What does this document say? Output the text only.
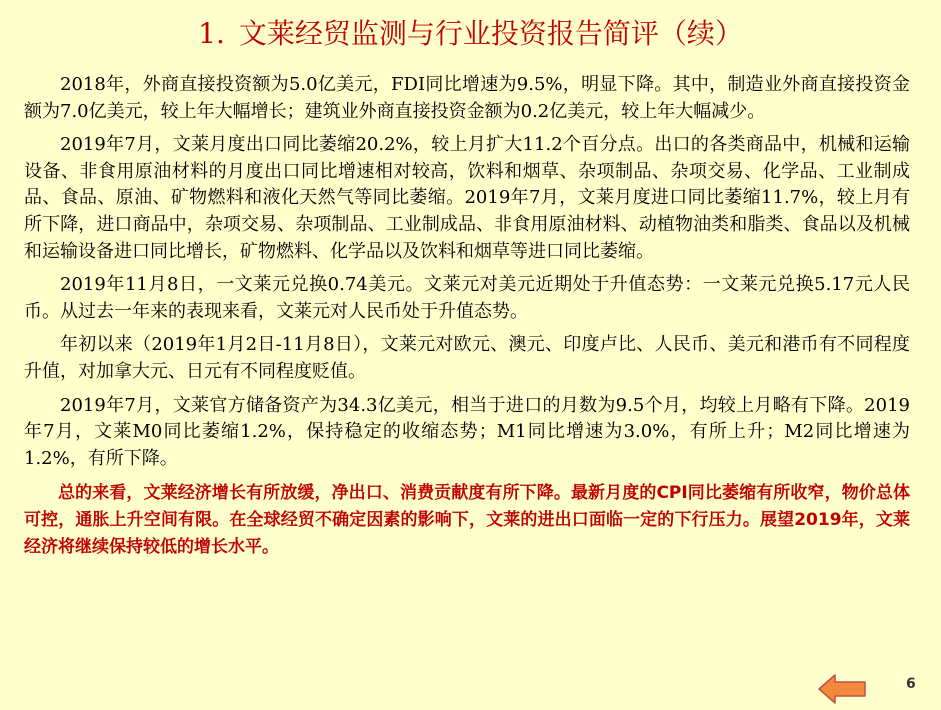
1. 文莱经贸监测与行业投资报告简评（续）

2018年，外商直接投资额为5.0亿美元，FDI同比增速为9.5%，明显下降。其中，制造业外商直接投资金额为7.0亿美元，较上年大幅增长；建筑业外商直接投资金额为0.2亿美元，较上年大幅减少。

2019年7月，文莱月度出口同比萎缩20.2%，较上月扩大11.2个百分点。出口的各类商品中，机械和运输设备、非食用原油材料的月度出口同比增速相对较高，饮料和烟草、杂项制品、杂项交易、化学品、工业制成品、食品、原油、矿物燃料和液化天然气等同比萎缩。2019年7月，文莱月度进口同比萎缩11.7%，较上月有所下降，进口商品中，杂项交易、杂项制品、工业制成品、非食用原油材料、动植物油类和脂类、食品以及机械和运输设备进口同比增长，矿物燃料、化学品以及饮料和烟草等进口同比萎缩。

2019年11月8日，一文莱元兑换0.74美元。文莱元对美元近期处于升值态势：一文莱元兑换5.17元人民币。从过去一年来的表现来看，文莱元对人民币处于升值态势。

年初以来（2019年1月2日-11月8日），文莱元对欧元、澳元、印度卢比、人民币、美元和港币有不同程度升值，对加拿大元、日元有不同程度贬值。

2019年7月，文莱官方储备资产为34.3亿美元，相当于进口的月数为9.5个月，均较上月略有下降。2019年7月，文莱M0同比萎缩1.2%，保持稳定的收缩态势；M1同比增速为3.0%，有所上升；M2同比增速为1.2%，有所下降。

总的来看，文莱经济增长有所放缓，净出口、消费贡献度有所下降。最新月度的CPI同比萎缩有所收窄，物价总体可控，通胀上升空间有限。在全球经贸不确定因素的影响下，文莱的进出口面临一定的下行压力。展望2019年，文莱经济将继续保持较低的增长水平。

6
